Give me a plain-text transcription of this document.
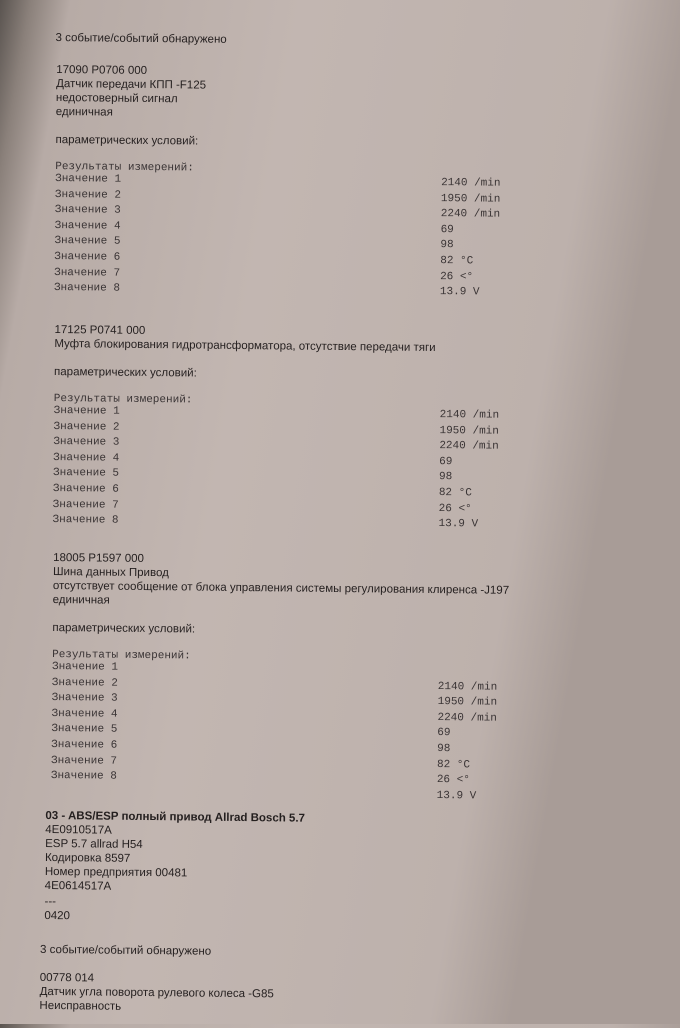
3 событие/событий обнаружено
17090 P0706 000
Датчик передачи КПП -F125
недостоверный сигнал
единичная
параметрических условий:
Результаты измерений:
Значение 1	2140 /min
Значение 2	1950 /min
Значение 3	2240 /min
Значение 4	69
Значение 5	98
Значение 6	82 °C
Значение 7	26 <°
Значение 8	13.9 V
17125 P0741 000
Муфта блокирования гидротрансформатора, отсутствие передачи тяги
параметрических условий:
Результаты измерений:
Значение 1	2140 /min
Значение 2	1950 /min
Значение 3	2240 /min
Значение 4	69
Значение 5	98
Значение 6	82 °C
Значение 7	26 <°
Значение 8	13.9 V
18005 P1597 000
Шина данных Привод
отсутствует сообщение от блока управления системы регулирования клиренса -J197
единичная
параметрических условий:
Результаты измерений:
Значение 1
Значение 2	2140 /min
Значение 3	1950 /min
Значение 4	2240 /min
Значение 5	69
Значение 6	98
Значение 7	82 °C
Значение 8	26 <°
13.9 V
03 - ABS/ESP полный привод Allrad Bosch 5.7
4E0910517A
ESP 5.7 allrad H54
Кодировка 8597
Номер предприятия 00481
4E0614517A
---
0420
3 событие/событий обнаружено
00778 014
Датчик угла поворота рулевого колеса -G85
Неисправность
